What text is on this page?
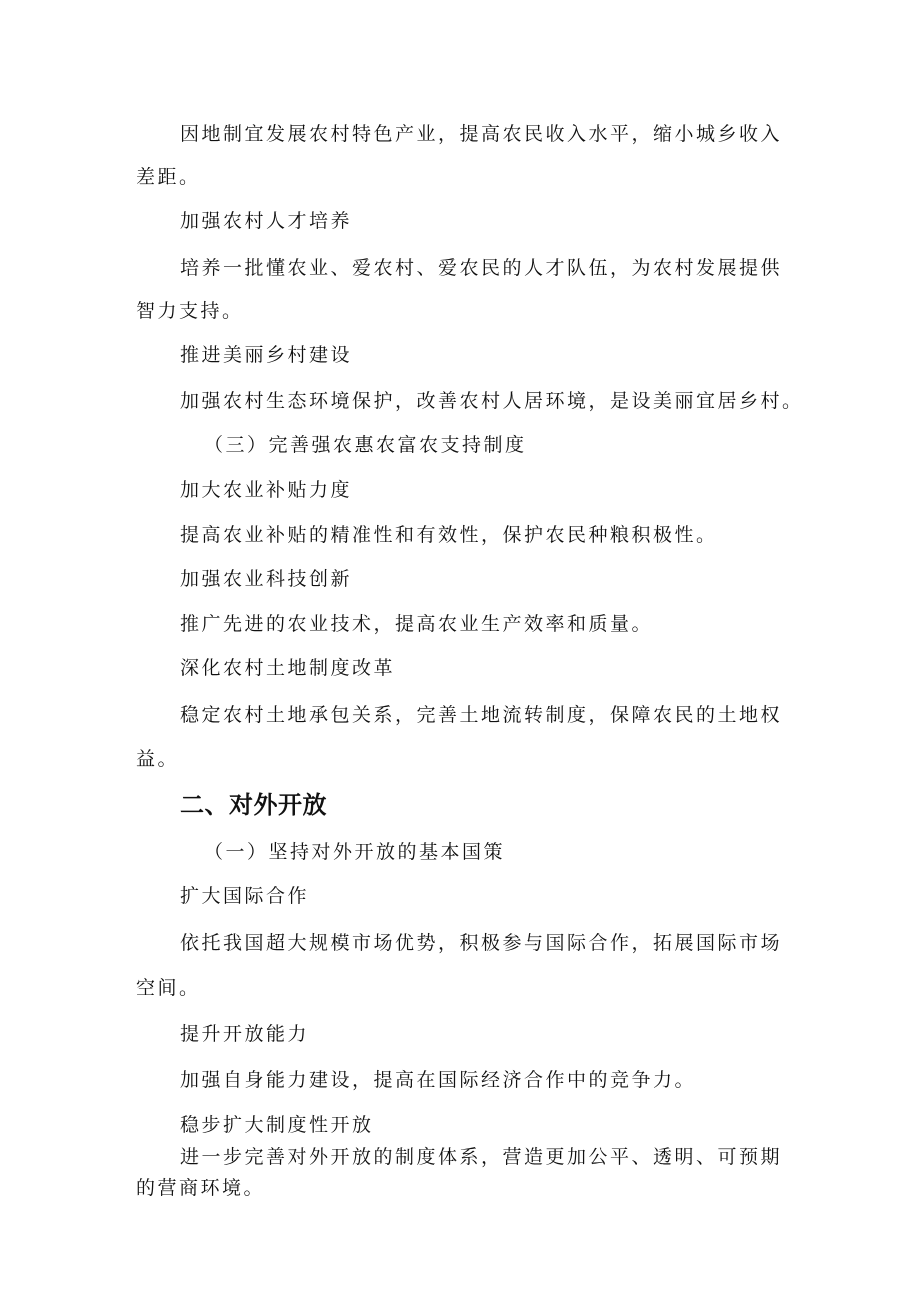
因地制宜发展农村特色产业，提高农民收入水平，缩小城乡收入

差距。

加强农村人才培养

培养一批懂农业、爱农村、爱农民的人才队伍，为农村发展提供

智力支持。

推进美丽乡村建设

加强农村生态环境保护，改善农村人居环境，是设美丽宜居乡村。

（三）完善强农惠农富农支持制度

加大农业补贴力度

提高农业补贴的精准性和有效性，保护农民种粮积极性。

加强农业科技创新

推广先进的农业技术，提高农业生产效率和质量。

深化农村土地制度改革

稳定农村土地承包关系，完善土地流转制度，保障农民的土地权

益。

二、对外开放

（一）坚持对外开放的基本国策

扩大国际合作

依托我国超大规模市场优势，积极参与国际合作，拓展国际市场

空间。

提升开放能力

加强自身能力建设，提高在国际经济合作中的竞争力。

稳步扩大制度性开放

进一步完善对外开放的制度体系，营造更加公平、透明、可预期

的营商环境。
